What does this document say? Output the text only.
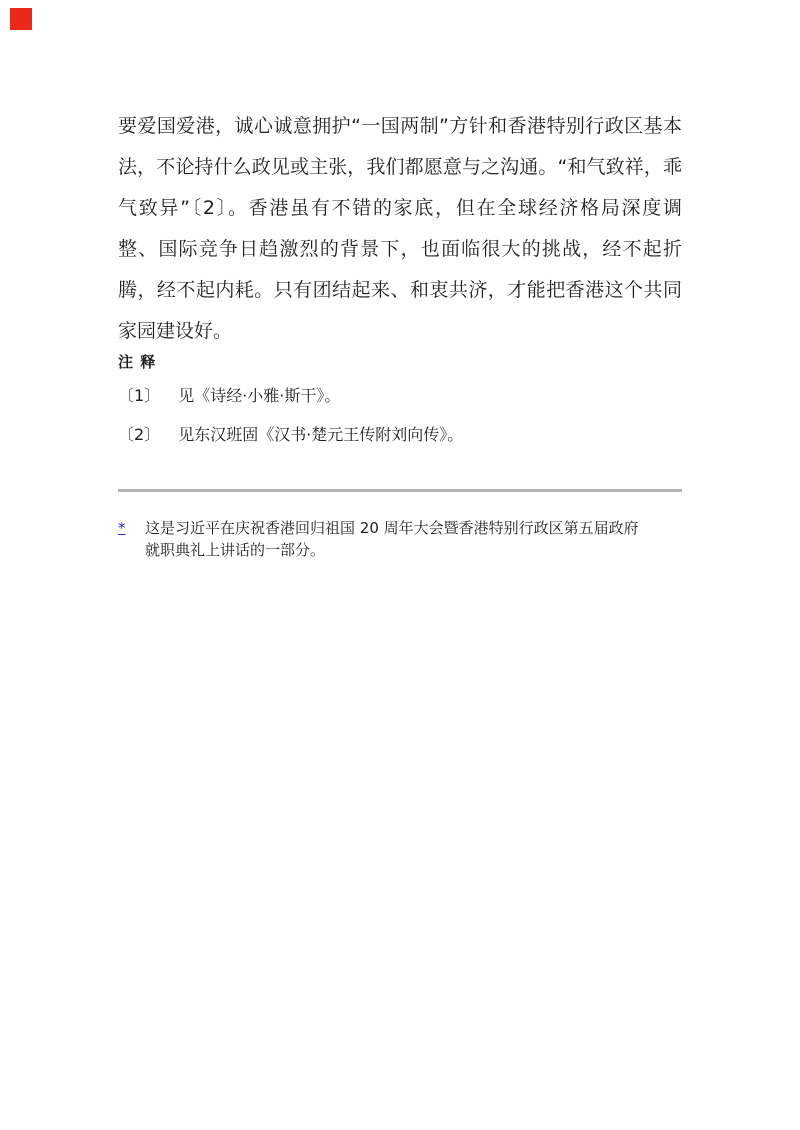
要爱国爱港，诚心诚意拥护“一国两制”方针和香港特别行政区基本
法，不论持什么政见或主张，我们都愿意与之沟通。“和气致祥，乖
气致异”〔2〕。香港虽有不错的家底，但在全球经济格局深度调
整、国际竞争日趋激烈的背景下，也面临很大的挑战，经不起折
腾，经不起内耗。只有团结起来、和衷共济，才能把香港这个共同
家园建设好。
注 释
〔1〕 见《诗经·小雅·斯干》。
〔2〕 见东汉班固《汉书·楚元王传附刘向传》。
*	这是习近平在庆祝香港回归祖国 20 周年大会暨香港特别行政区第五届政府
就职典礼上讲话的一部分。
